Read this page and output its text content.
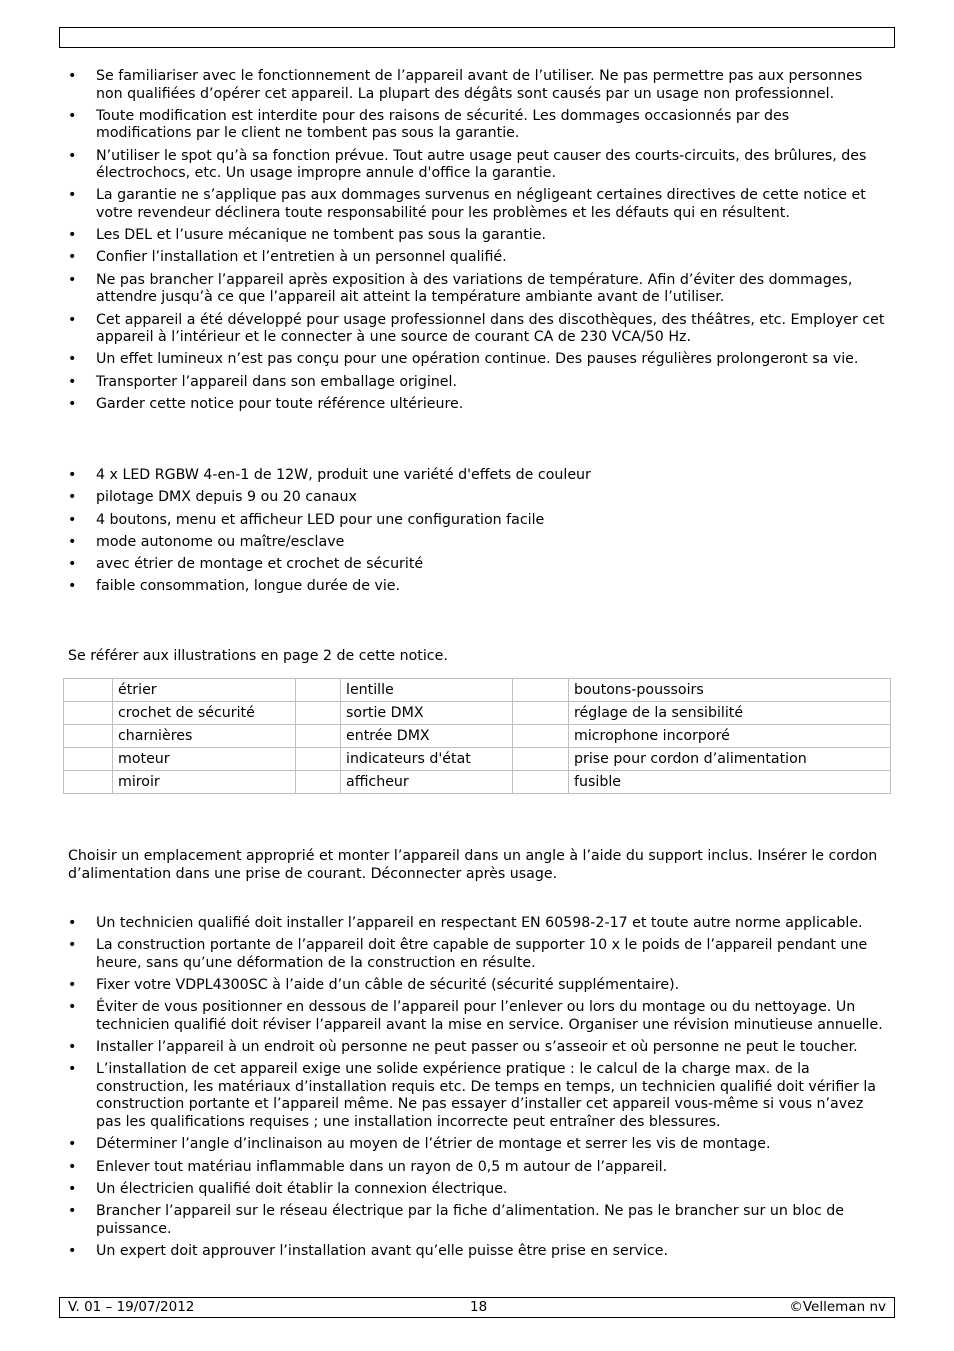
• Se familiariser avec le fonctionnement de l’appareil avant de l’utiliser. Ne pas permettre pas aux personnes non qualifiées d’opérer cet appareil. La plupart des dégâts sont causés par un usage non professionnel.
• Toute modification est interdite pour des raisons de sécurité. Les dommages occasionnés par des modifications par le client ne tombent pas sous la garantie.
• N’utiliser le spot qu’à sa fonction prévue. Tout autre usage peut causer des courts-circuits, des brûlures, des électrochocs, etc. Un usage impropre annule d'office la garantie.
• La garantie ne s’applique pas aux dommages survenus en négligeant certaines directives de cette notice et votre revendeur déclinera toute responsabilité pour les problèmes et les défauts qui en résultent.
• Les DEL et l’usure mécanique ne tombent pas sous la garantie.
• Confier l’installation et l’entretien à un personnel qualifié.
• Ne pas brancher l’appareil après exposition à des variations de température. Afin d’éviter des dommages, attendre jusqu’à ce que l’appareil ait atteint la température ambiante avant de l’utiliser.
• Cet appareil a été développé pour usage professionnel dans des discothèques, des théâtres, etc. Employer cet appareil à l’intérieur et le connecter à une source de courant CA de 230 VCA/50 Hz.
• Un effet lumineux n’est pas conçu pour une opération continue. Des pauses régulières prolongeront sa vie.
• Transporter l’appareil dans son emballage originel.
• Garder cette notice pour toute référence ultérieure.
• 4 x LED RGBW 4-en-1 de 12W, produit une variété d'effets de couleur
• pilotage DMX depuis 9 ou 20 canaux
• 4 boutons, menu et afficheur LED pour une configuration facile
• mode autonome ou maître/esclave
• avec étrier de montage et crochet de sécurité
• faible consommation, longue durée de vie.

Se référer aux illustrations en page 2 de cette notice.

	étrier		lentille		boutons-poussoirs
	crochet de sécurité		sortie DMX		réglage de la sensibilité
	charnières		entrée DMX		microphone incorporé
	moteur		indicateurs d'état		prise pour cordon d’alimentation
	miroir		afficheur		fusible

Choisir un emplacement approprié et monter l’appareil dans un angle à l’aide du support inclus. Insérer le cordon d’alimentation dans une prise de courant. Déconnecter après usage.

• Un technicien qualifié doit installer l’appareil en respectant EN 60598-2-17 et toute autre norme applicable.
• La construction portante de l’appareil doit être capable de supporter 10 x le poids de l’appareil pendant une heure, sans qu’une déformation de la construction en résulte.
• Fixer votre VDPL4300SC à l’aide d’un câble de sécurité (sécurité supplémentaire).
• Éviter de vous positionner en dessous de l’appareil pour l’enlever ou lors du montage ou du nettoyage. Un technicien qualifié doit réviser l’appareil avant la mise en service. Organiser une révision minutieuse annuelle.
• Installer l’appareil à un endroit où personne ne peut passer ou s’asseoir et où personne ne peut le toucher.
• L’installation de cet appareil exige une solide expérience pratique : le calcul de la charge max. de la construction, les matériaux d’installation requis etc. De temps en temps, un technicien qualifié doit vérifier la construction portante et l’appareil même. Ne pas essayer d’installer cet appareil vous-même si vous n’avez pas les qualifications requises ; une installation incorrecte peut entraîner des blessures.
• Déterminer l’angle d’inclinaison au moyen de l’étrier de montage et serrer les vis de montage.
• Enlever tout matériau inflammable dans un rayon de 0,5 m autour de l’appareil.
• Un électricien qualifié doit établir la connexion électrique.
• Brancher l’appareil sur le réseau électrique par la fiche d’alimentation. Ne pas le brancher sur un bloc de puissance.
• Un expert doit approuver l’installation avant qu’elle puisse être prise en service.
V. 01 – 19/07/2012	18	©Velleman nv
